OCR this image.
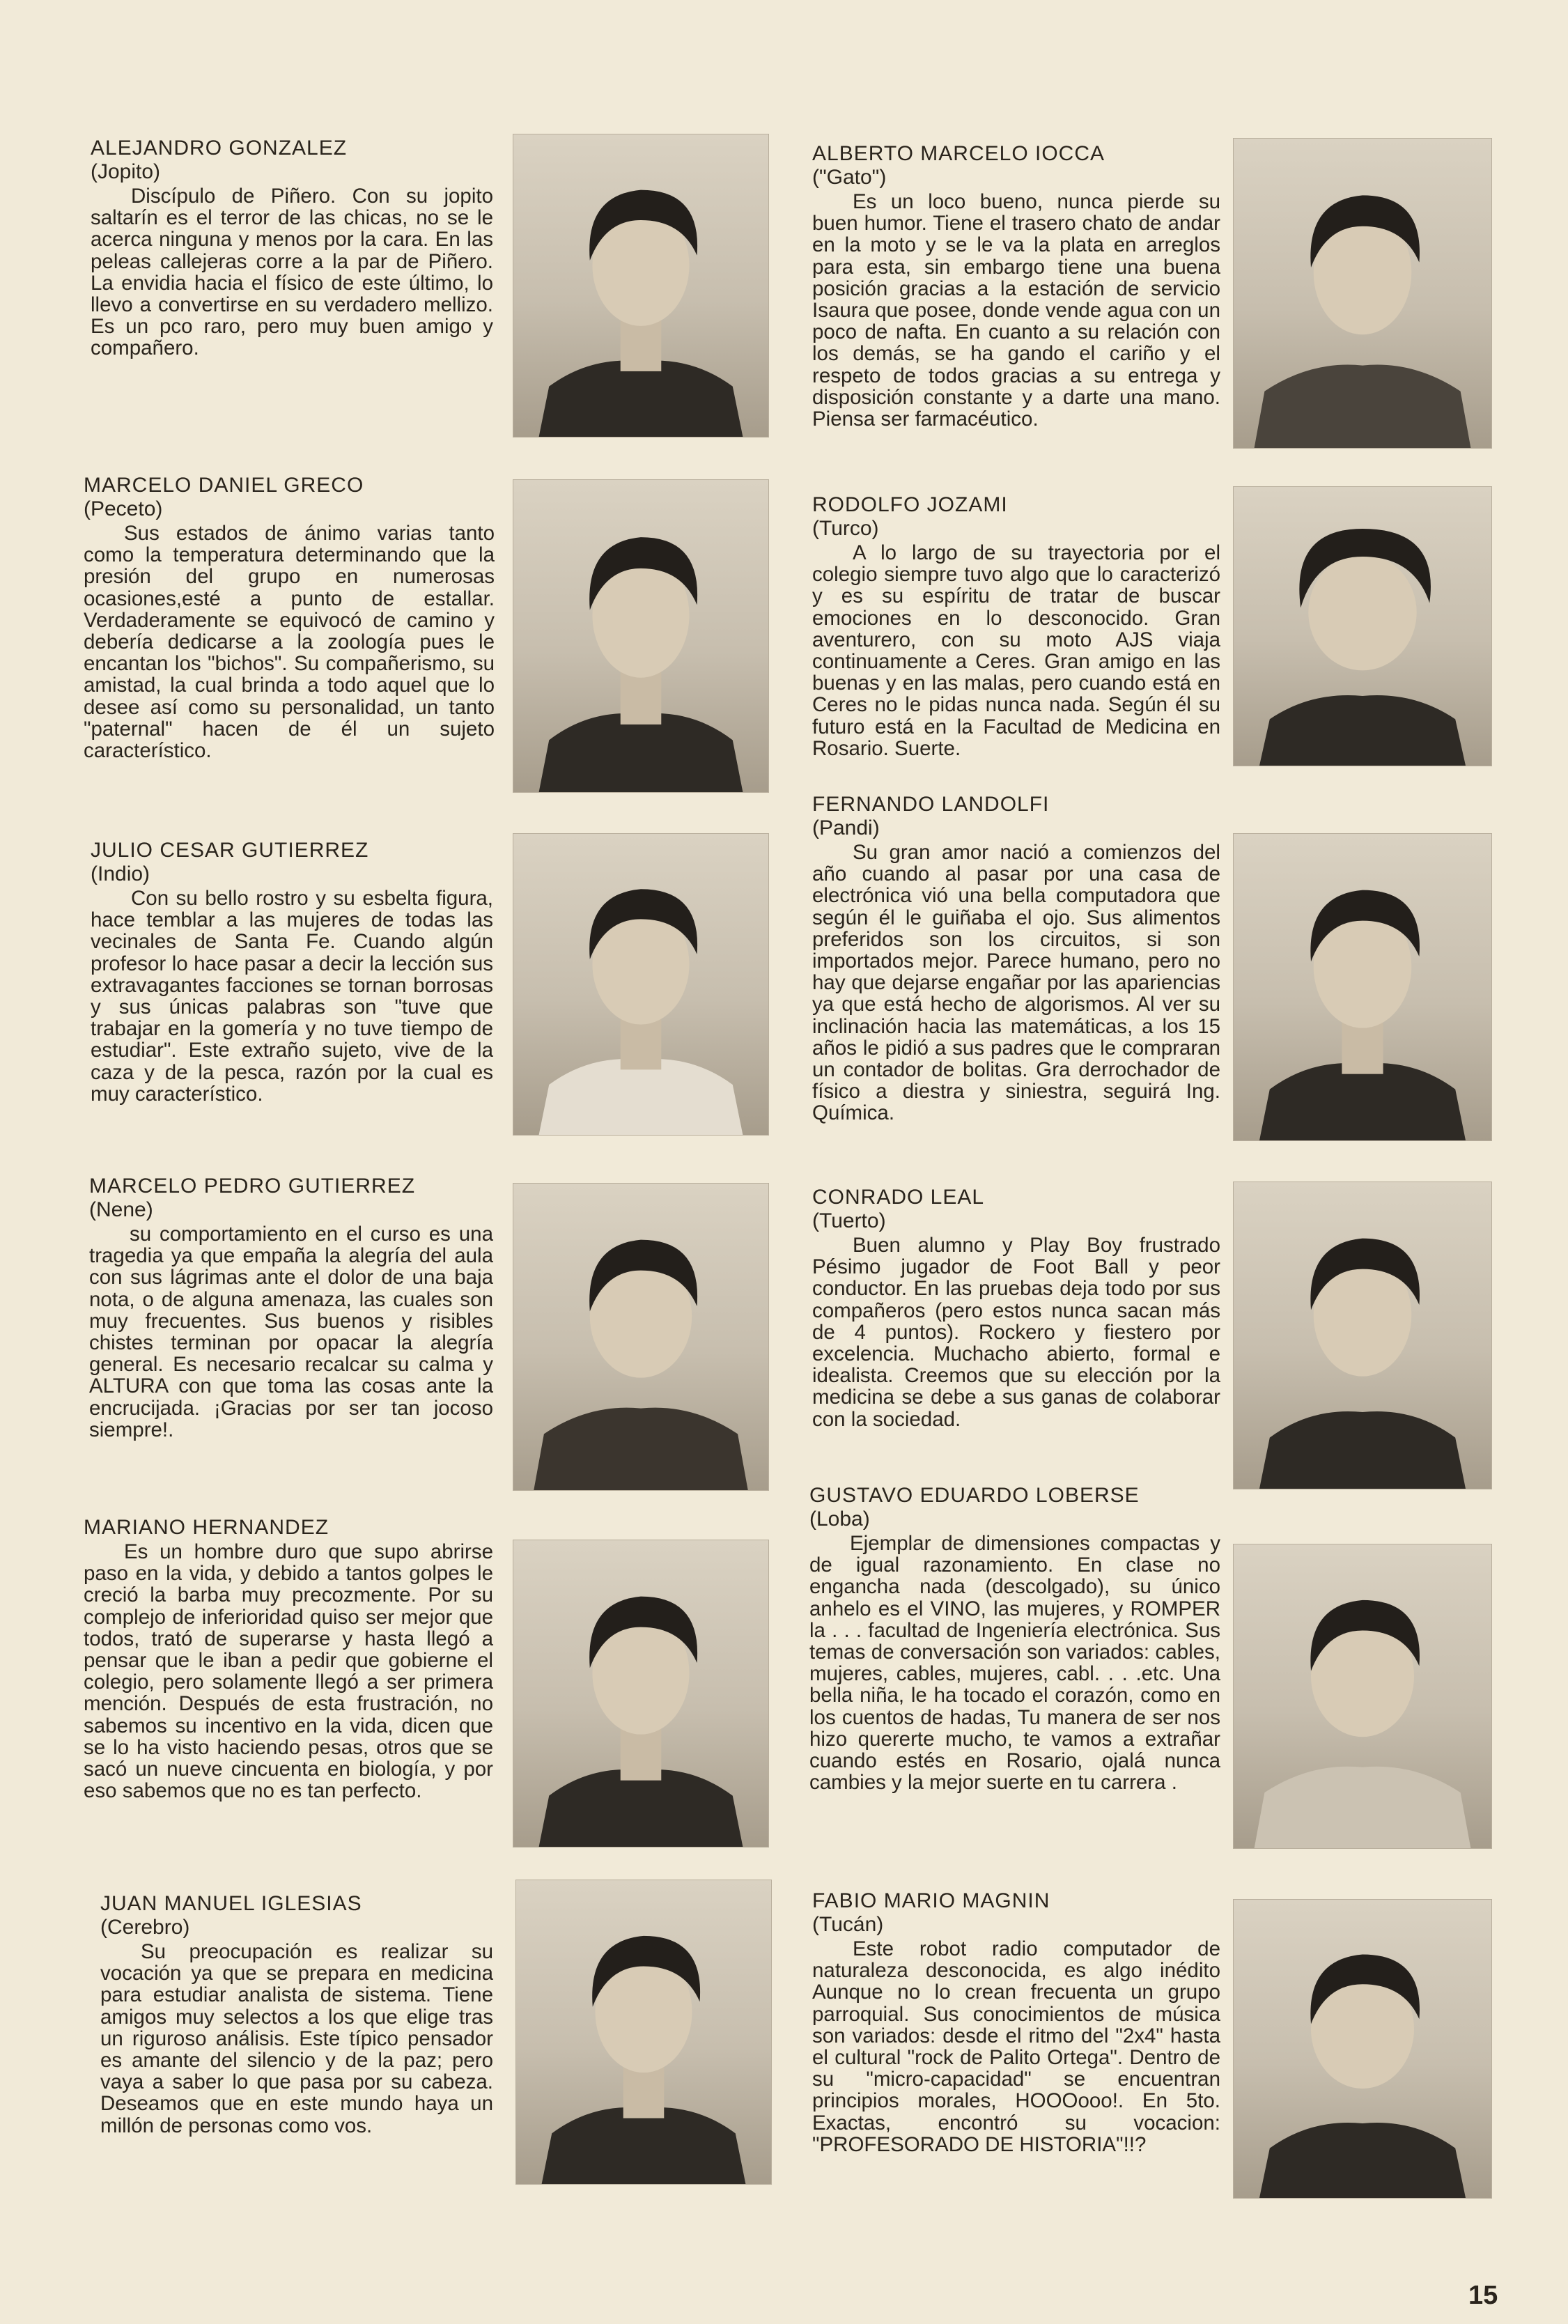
ALEJANDRO GONZALEZ

(Jopito)

Discípulo de Piñero. Con su jopito saltarín es el terror de las chicas, no se le acerca ninguna y menos por la cara. En las peleas callejeras corre a la par de Piñero. La envidia hacia el físico de este último, lo llevo a convertirse en su verdadero mellizo. Es un pco raro, pero muy buen amigo y compañero.

MARCELO DANIEL GRECO

(Peceto)

Sus estados de ánimo varias tanto como la temperatura determinando que la presión del grupo en numerosas ocasiones,esté a punto de estallar. Verdaderamente se equivocó de camino y debería dedicarse a la zoología pues le encantan los "bichos". Su compañerismo, su amistad, la cual brinda a todo aquel que lo desee así como su personalidad, un tanto "paternal" hacen de él un sujeto característico.

JULIO CESAR GUTIERREZ

(Indio)

Con su bello rostro y su esbelta figura, hace temblar a las mujeres de todas las vecinales de Santa Fe. Cuando algún profesor lo hace pasar a decir la lección sus extravagantes facciones se tornan borrosas y sus únicas palabras son "tuve que trabajar en la gomería y no tuve tiempo de estudiar". Este extraño sujeto, vive de la caza y de la pesca, razón por la cual es muy característico.

MARCELO PEDRO GUTIERREZ

(Nene)

su comportamiento en el curso es una tragedia ya que empaña la alegría del aula con sus lágrimas ante el dolor de una baja nota, o de alguna amenaza, las cuales son muy frecuentes. Sus buenos y risibles chistes terminan por opacar la alegría general. Es necesario recalcar su calma y ALTURA con que toma las cosas ante la encrucijada. ¡Gracias por ser tan jocoso siempre!.

MARIANO HERNANDEZ

Es un hombre duro que supo abrirse paso en la vida, y debido a tantos golpes le creció la barba muy precozmente. Por su complejo de inferioridad quiso ser mejor que todos, trató de superarse y hasta llegó a pensar que le iban a pedir que gobierne el colegio, pero solamente llegó a ser primera mención. Después de esta frustración, no sabemos su incentivo en la vida, dicen que se lo ha visto haciendo pesas, otros que se sacó un nueve cincuenta en biología, y por eso sabemos que no es tan perfecto.

JUAN MANUEL IGLESIAS

(Cerebro)

Su preocupación es realizar su vocación ya que se prepara en medicina para estudiar analista de sistema. Tiene amigos muy selectos a los que elige tras un riguroso análisis. Este típico pensador es amante del silencio y de la paz; pero vaya a saber lo que pasa por su cabeza. Deseamos que en este mundo haya un millón de personas como vos.

ALBERTO MARCELO IOCCA

("Gato")

Es un loco bueno, nunca pierde su buen humor. Tiene el trasero chato de andar en la moto y se le va la plata en arreglos para esta, sin embargo tiene una buena posición gracias a la estación de servicio Isaura que posee, donde vende agua con un poco de nafta. En cuanto a su relación con los demás, se ha gando el cariño y el respeto de todos gracias a su entrega y disposición constante y a darte una mano. Piensa ser farmacéutico.

RODOLFO JOZAMI

(Turco)

A lo largo de su trayectoria por el colegio siempre tuvo algo que lo caracterizó y es su espíritu de tratar de buscar emociones en lo desconocido. Gran aventurero, con su moto AJS viaja continuamente a Ceres. Gran amigo en las buenas y en las malas, pero cuando está en Ceres no le pidas nunca nada. Según él su futuro está en la Facultad de Medicina en Rosario. Suerte.

FERNANDO LANDOLFI

(Pandi)

Su gran amor nació a comienzos del año cuando al pasar por una casa de electrónica vió una bella computadora que según él le guiñaba el ojo. Sus alimentos preferidos son los circuitos, si son importados mejor. Parece humano, pero no hay que dejarse engañar por las apariencias ya que está hecho de algorismos. Al ver su inclinación hacia las matemáticas, a los 15 años le pidió a sus padres que le compraran un contador de bolitas. Gra derrochador de físico a diestra y siniestra, seguirá Ing. Química.

CONRADO LEAL

(Tuerto)

Buen alumno y Play Boy frustrado Pésimo jugador de Foot Ball y peor conductor. En las pruebas deja todo por sus compañeros (pero estos nunca sacan más de 4 puntos). Rockero y fiestero por excelencia. Muchacho abierto, formal e idealista. Creemos que su elección por la medicina se debe a sus ganas de colaborar con la sociedad.

GUSTAVO EDUARDO LOBERSE

(Loba)

Ejemplar de dimensiones compactas y de igual razonamiento. En clase no engancha nada (descolgado), su único anhelo es el VINO, las mujeres, y ROMPER la . . . facultad de Ingeniería electrónica. Sus temas de conversación son variados: cables, mujeres, cables, mujeres, cabl. . . .etc. Una bella niña, le ha tocado el corazón, como en los cuentos de hadas, Tu manera de ser nos hizo quererte mucho, te vamos a extrañar cuando estés en Rosario, ojalá nunca cambies y la mejor suerte en tu carrera .

FABIO MARIO MAGNIN

(Tucán)

Este robot radio computador de naturaleza desconocida, es algo inédito Aunque no lo crean frecuenta un grupo parroquial. Sus conocimientos de música son variados: desde el ritmo del "2x4" hasta el cultural "rock de Palito Ortega". Dentro de su "micro-capacidad" se encuentran principios morales, HOOOooo!. En 5to. Exactas, encontró su vocacion: "PROFESORADO DE HISTORIA"!!?

15
